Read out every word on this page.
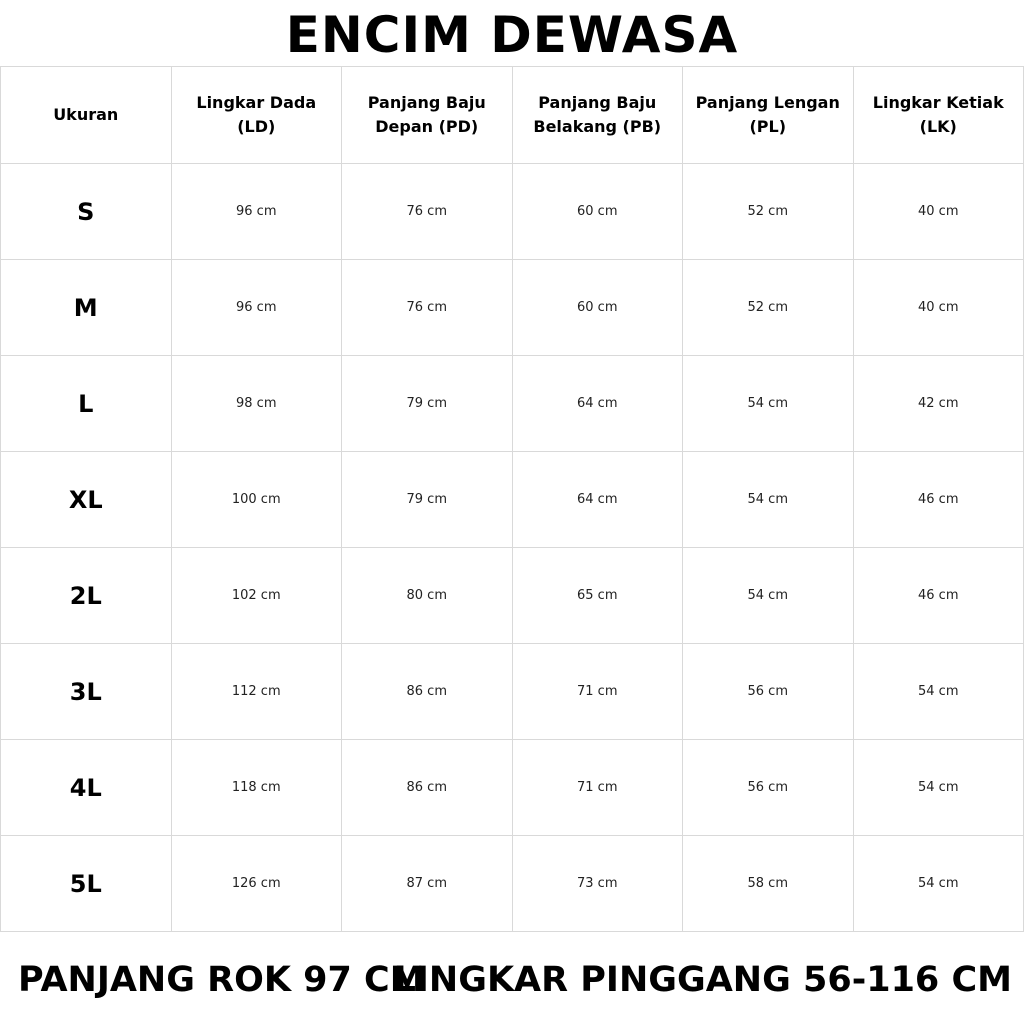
ENCIM DEWASA
Ukuran	Lingkar Dada (LD)	Panjang Baju Depan (PD)	Panjang Baju Belakang (PB)	Panjang Lengan (PL)	Lingkar Ketiak (LK)
S	96 cm	76 cm	60 cm	52 cm	40 cm
M	96 cm	76 cm	60 cm	52 cm	40 cm
L	98 cm	79 cm	64 cm	54 cm	42 cm
XL	100 cm	79 cm	64 cm	54 cm	46 cm
2L	102 cm	80 cm	65 cm	54 cm	46 cm
3L	112 cm	86 cm	71 cm	56 cm	54 cm
4L	118 cm	86 cm	71 cm	56 cm	54 cm
5L	126 cm	87 cm	73 cm	58 cm	54 cm
PANJANG ROK 97 CM
LINGKAR PINGGANG 56-116 CM
